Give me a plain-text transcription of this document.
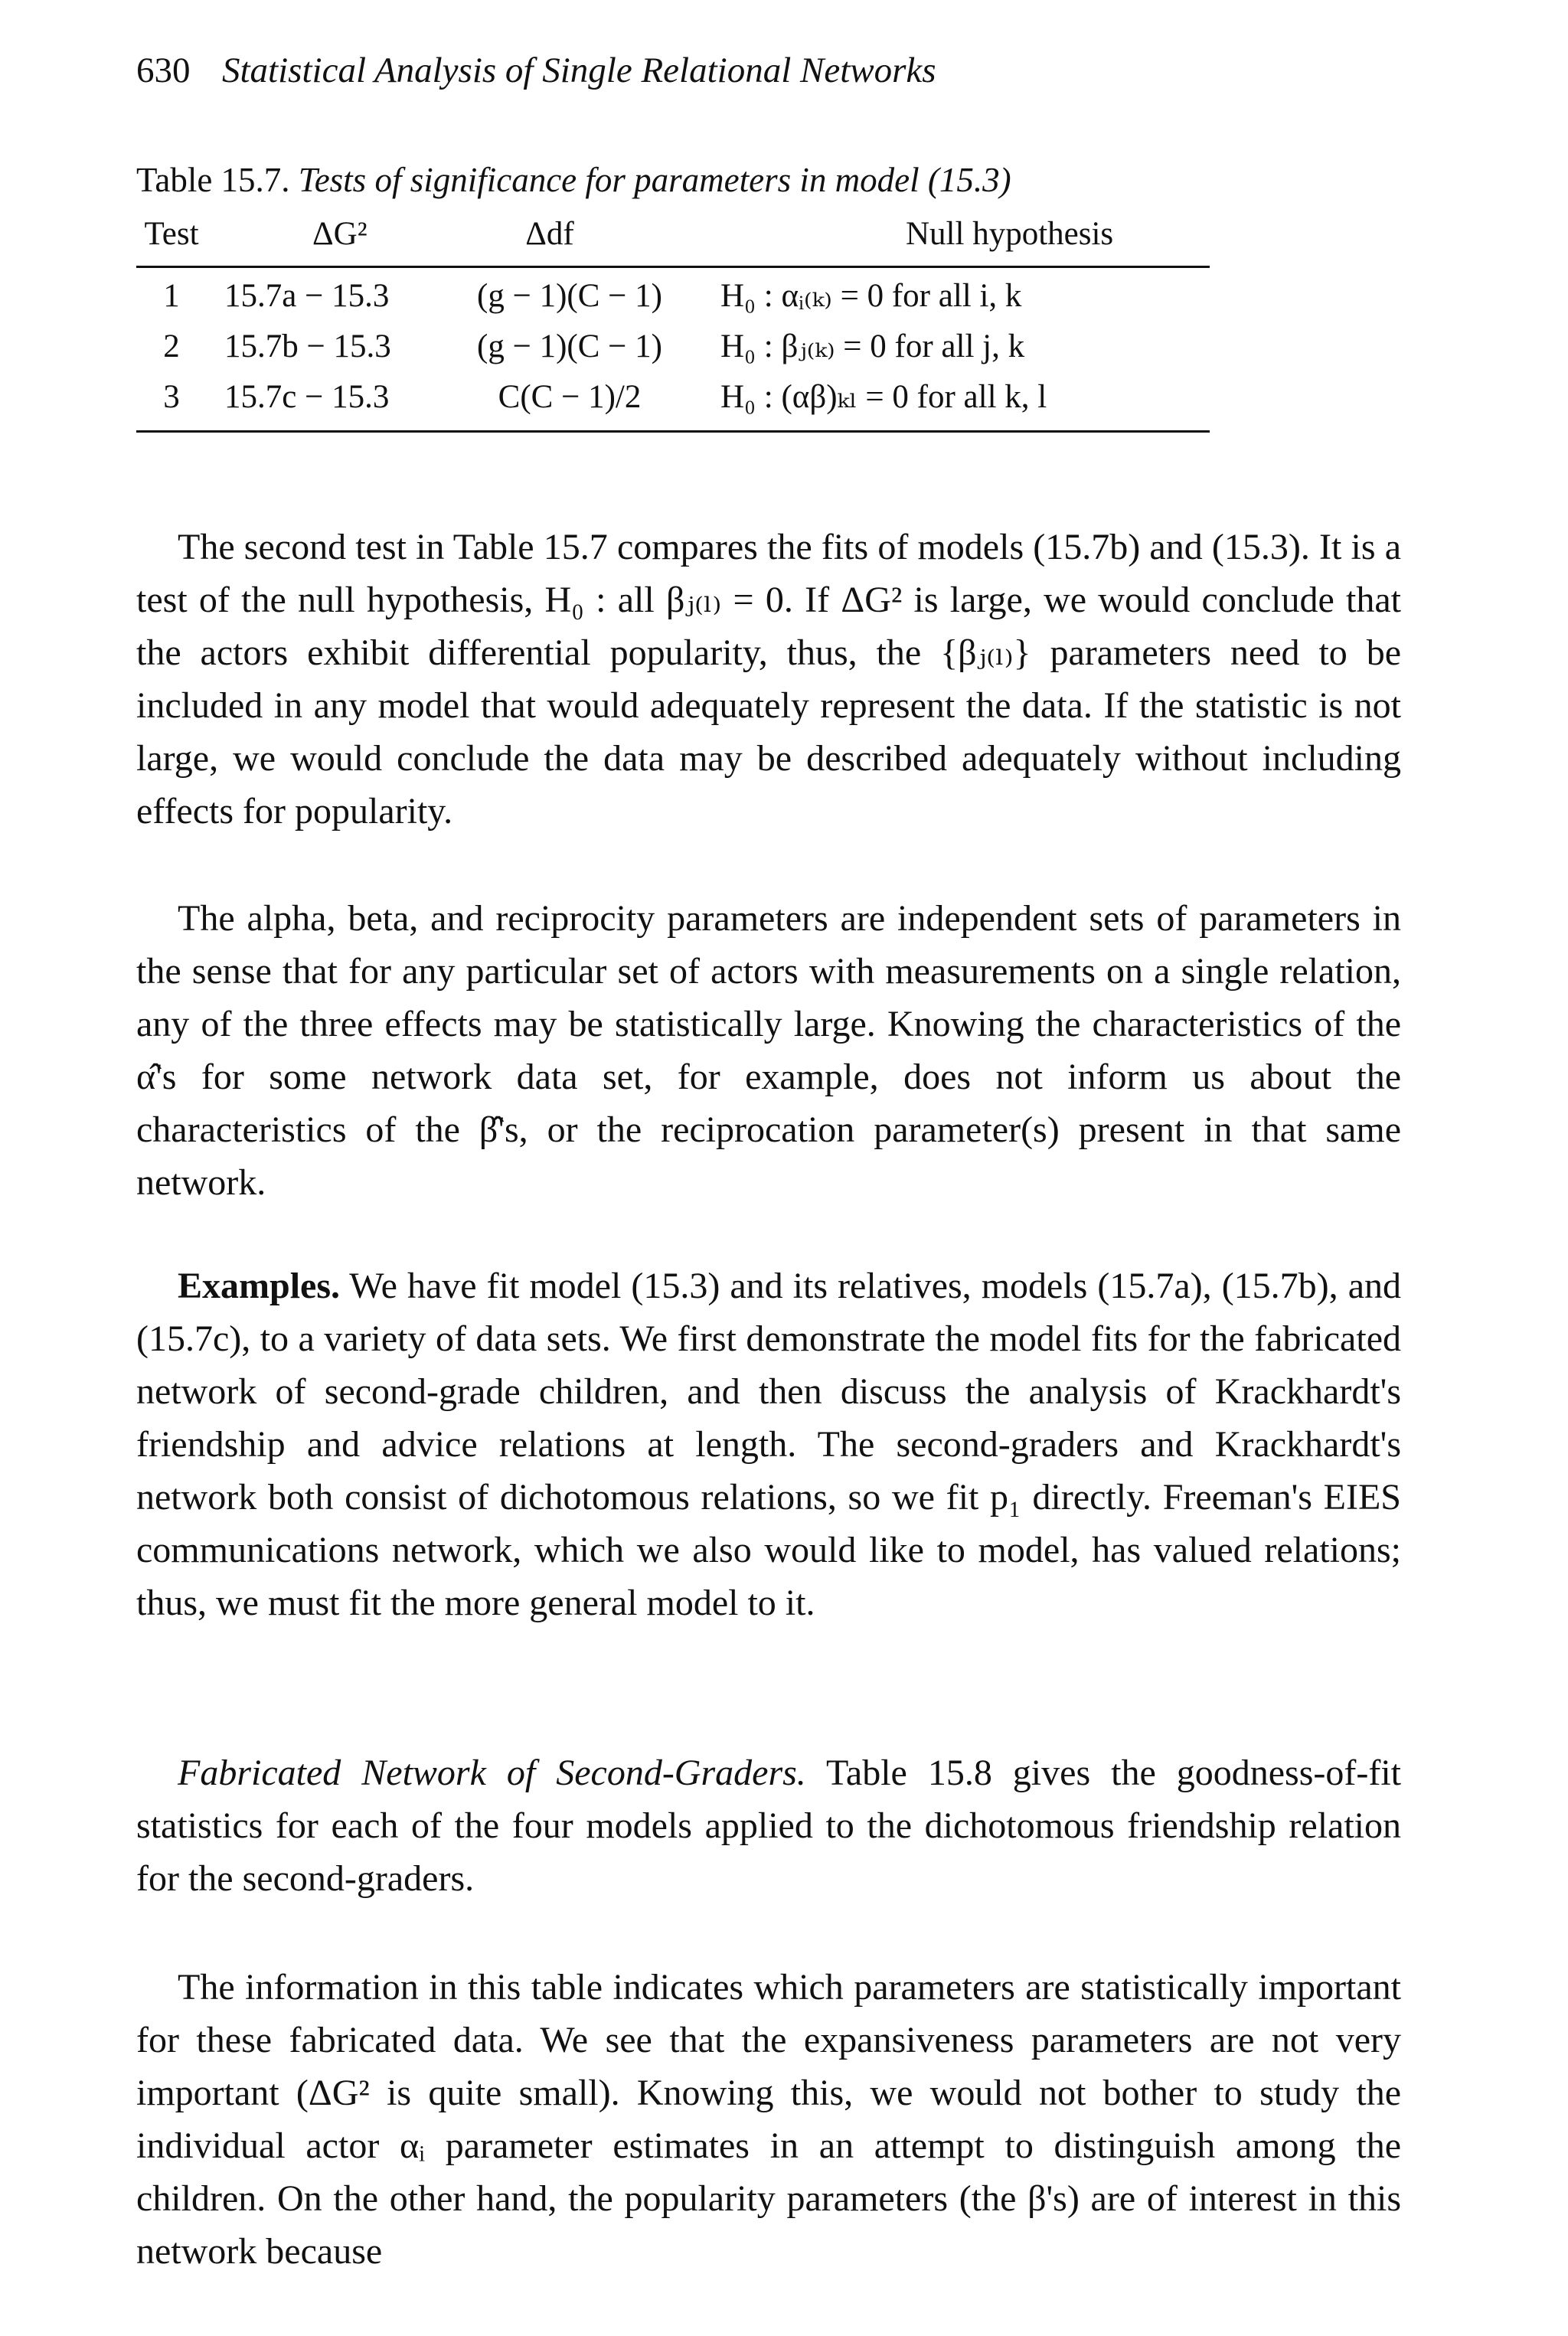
630 Statistical Analysis of Single Relational Networks
Table 15.7. Tests of significance for parameters in model (15.3)
Test	ΔG²	Δdf	Null hypothesis
1	15.7a − 15.3	(g − 1)(C − 1)	H₀ : αᵢ₍ₖ₎ = 0 for all i, k
2	15.7b − 15.3	(g − 1)(C − 1)	H₀ : βⱼ₍ₖ₎ = 0 for all j, k
3	15.7c − 15.3	C(C − 1)/2	H₀ : (αβ)ₖₗ = 0 for all k, l

The second test in Table 15.7 compares the fits of models (15.7b) and (15.3). It is a test of the null hypothesis, H₀ : all βⱼ₍ₗ₎ = 0. If ΔG² is large, we would conclude that the actors exhibit differential popularity, thus, the {βⱼ₍ₗ₎} parameters need to be included in any model that would adequately represent the data. If the statistic is not large, we would conclude the data may be described adequately without including effects for popularity.

The alpha, beta, and reciprocity parameters are independent sets of parameters in the sense that for any particular set of actors with measurements on a single relation, any of the three effects may be statistically large. Knowing the characteristics of the α̂'s for some network data set, for example, does not inform us about the characteristics of the β̂'s, or the reciprocation parameter(s) present in that same network.

Examples. We have fit model (15.3) and its relatives, models (15.7a), (15.7b), and (15.7c), to a variety of data sets. We first demonstrate the model fits for the fabricated network of second-grade children, and then discuss the analysis of Krackhardt's friendship and advice relations at length. The second-graders and Krackhardt's network both consist of dichotomous relations, so we fit p₁ directly. Freeman's EIES communications network, which we also would like to model, has valued relations; thus, we must fit the more general model to it.

Fabricated Network of Second-Graders. Table 15.8 gives the goodness-of-fit statistics for each of the four models applied to the dichotomous friendship relation for the second-graders.

The information in this table indicates which parameters are statistically important for these fabricated data. We see that the expansiveness parameters are not very important (ΔG² is quite small). Knowing this, we would not bother to study the individual actor αᵢ parameter estimates in an attempt to distinguish among the children. On the other hand, the popularity parameters (the β's) are of interest in this network because
